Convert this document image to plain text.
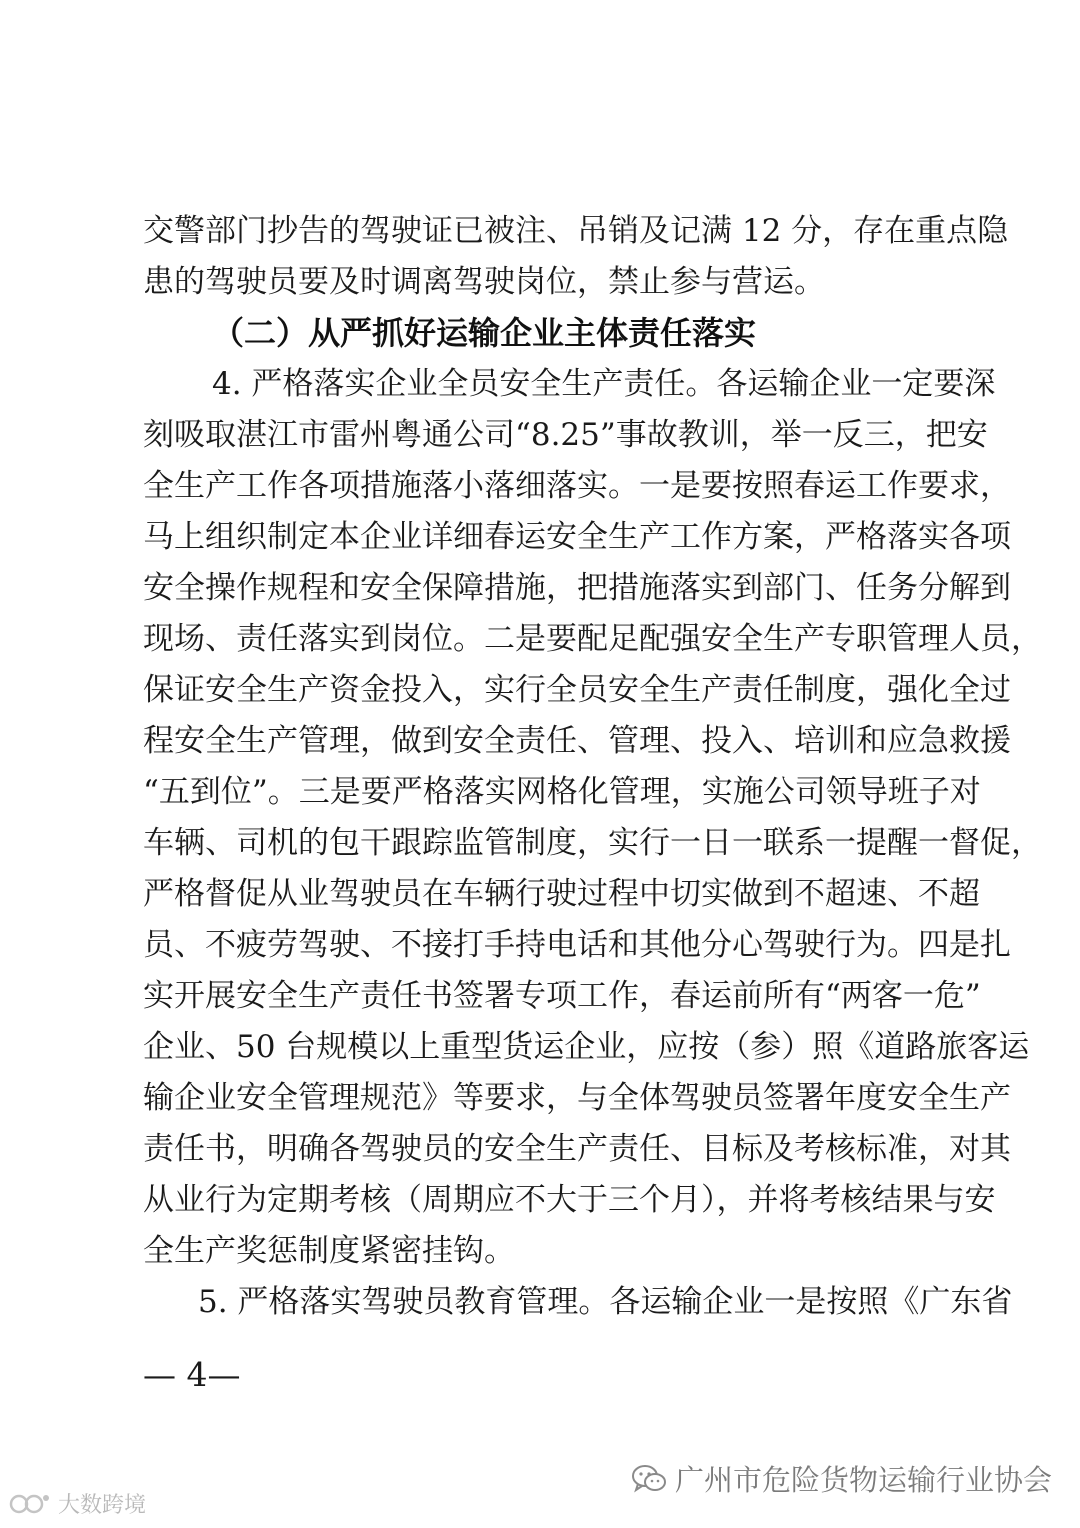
交警部门抄告的驾驶证已被注、吊销及记满 12 分，存在重点隐
患的驾驶员要及时调离驾驶岗位，禁止参与营运。
（二）从严抓好运输企业主体责任落实
4. 严格落实企业全员安全生产责任。各运输企业一定要深
刻吸取湛江市雷州粤通公司“8.25”事故教训，举一反三，把安
全生产工作各项措施落小落细落实。一是要按照春运工作要求，
马上组织制定本企业详细春运安全生产工作方案，严格落实各项
安全操作规程和安全保障措施，把措施落实到部门、任务分解到
现场、责任落实到岗位。二是要配足配强安全生产专职管理人员，
保证安全生产资金投入，实行全员安全生产责任制度，强化全过
程安全生产管理，做到安全责任、管理、投入、培训和应急救援
“五到位”。三是要严格落实网格化管理，实施公司领导班子对
车辆、司机的包干跟踪监管制度，实行一日一联系一提醒一督促，
严格督促从业驾驶员在车辆行驶过程中切实做到不超速、不超
员、不疲劳驾驶、不接打手持电话和其他分心驾驶行为。四是扎
实开展安全生产责任书签署专项工作，春运前所有“两客一危”
企业、50 台规模以上重型货运企业，应按（参）照《道路旅客运
输企业安全管理规范》等要求，与全体驾驶员签署年度安全生产
责任书，明确各驾驶员的安全生产责任、目标及考核标准，对其
从业行为定期考核（周期应不大于三个月），并将考核结果与安
全生产奖惩制度紧密挂钩。
5. 严格落实驾驶员教育管理。各运输企业一是按照《广东省
— 4—
广州市危险货物运输行业协会
大数跨境
